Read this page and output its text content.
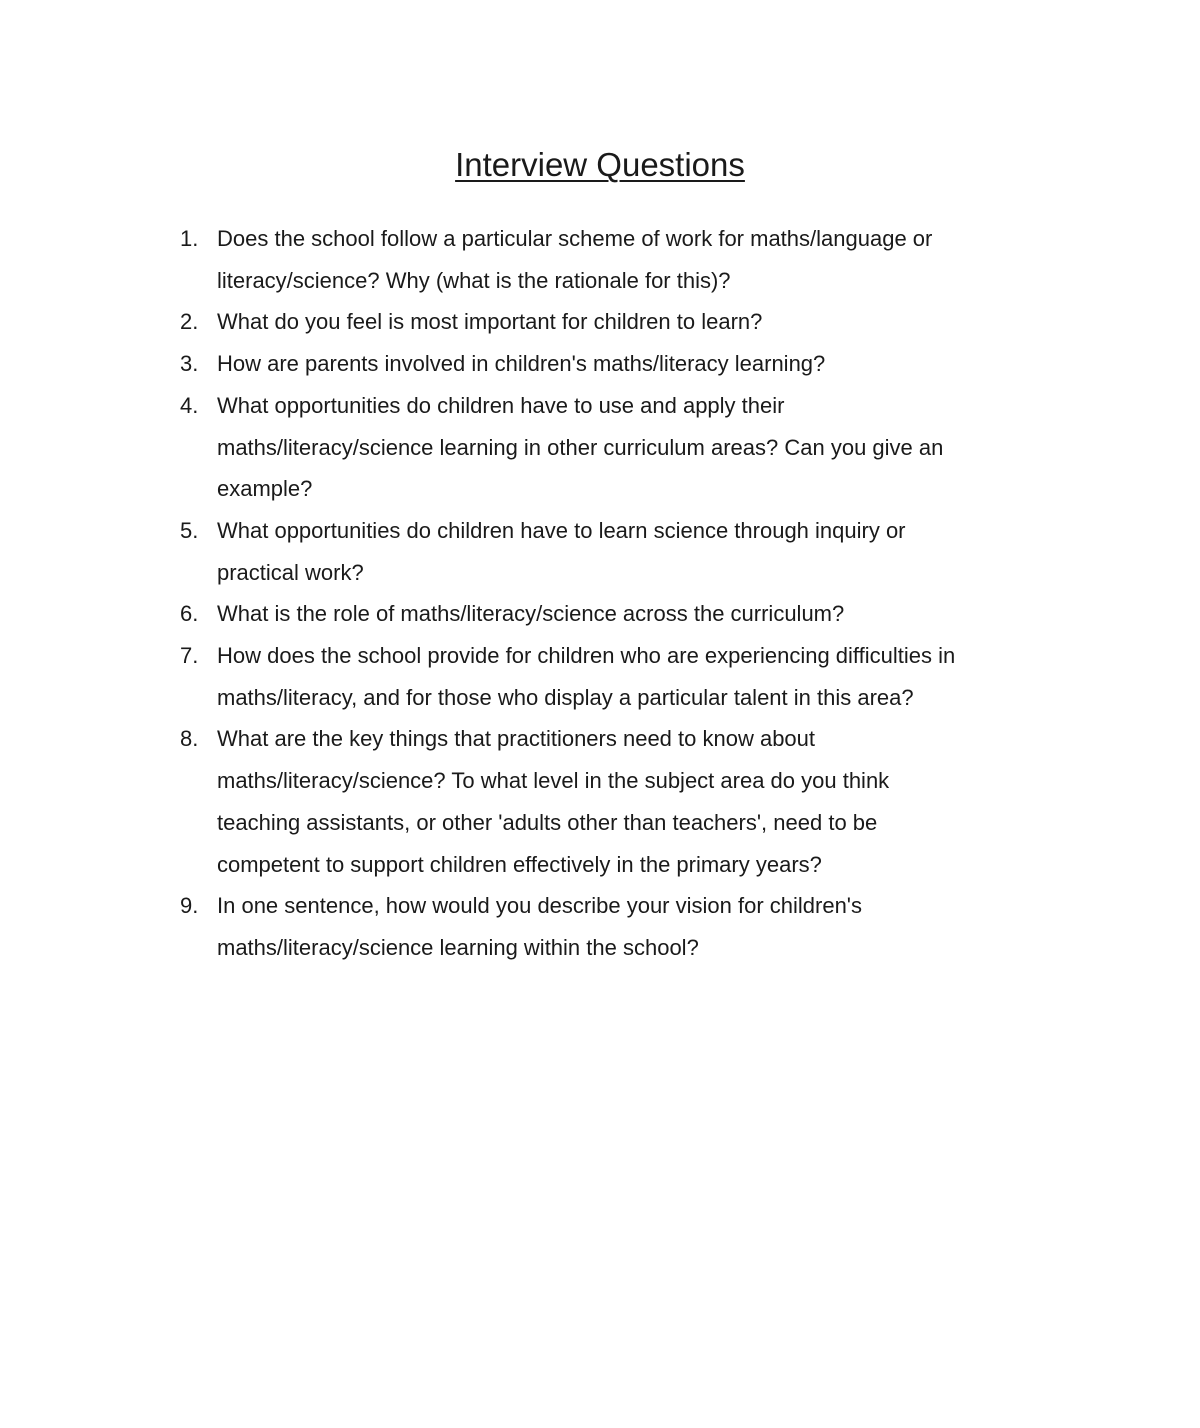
Interview Questions
1. Does the school follow a particular scheme of work for maths/language or
literacy/science? Why (what is the rationale for this)?
2. What do you feel is most important for children to learn?
3. How are parents involved in children's maths/literacy learning?
4. What opportunities do children have to use and apply their
maths/literacy/science learning in other curriculum areas? Can you give an
example?
5. What opportunities do children have to learn science through inquiry or
practical work?
6. What is the role of maths/literacy/science across the curriculum?
7. How does the school provide for children who are experiencing difficulties in
maths/literacy, and for those who display a particular talent in this area?
8. What are the key things that practitioners need to know about
maths/literacy/science? To what level in the subject area do you think
teaching assistants, or other 'adults other than teachers', need to be
competent to support children effectively in the primary years?
9. In one sentence, how would you describe your vision for children's
maths/literacy/science learning within the school?
